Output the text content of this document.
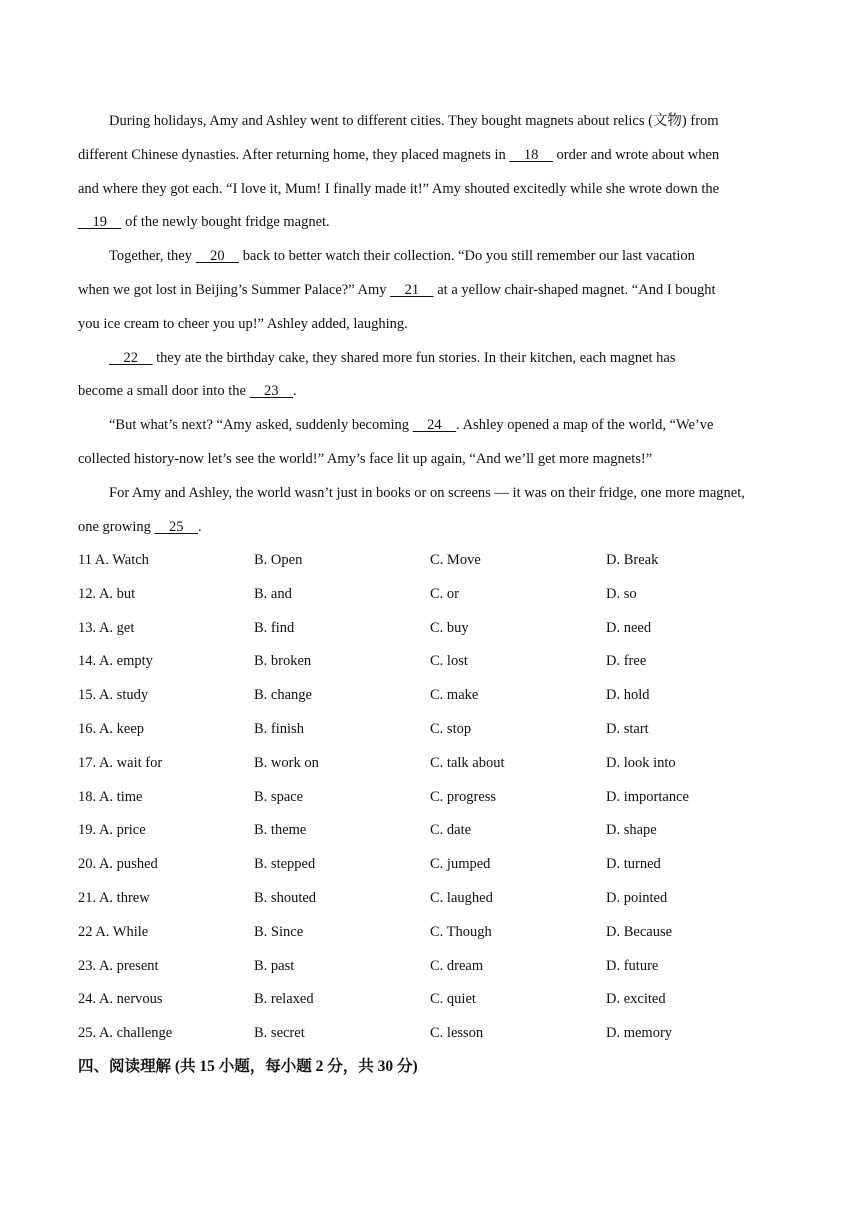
During holidays, Amy and Ashley went to different cities. They bought magnets about relics (文物) from
different Chinese dynasties. After returning home, they placed magnets in     18     order and wrote about when
and where they got each. “I love it, Mum! I finally made it!” Amy shouted excitedly while she wrote down the
19     of the newly bought fridge magnet.
Together, they     20     back to better watch their collection. “Do you still remember our last vacation
when we got lost in Beijing’s Summer Palace?” Amy     21     at a yellow chair-shaped magnet. “And I bought
you ice cream to cheer you up!” Ashley added, laughing.
22     they ate the birthday cake, they shared more fun stories. In their kitchen, each magnet has
become a small door into the     23    .
“But what’s next? “Amy asked, suddenly becoming     24    . Ashley opened a map of the world, “We’ve
collected history-now let’s see the world!” Amy’s face lit up again, “And we’ll get more magnets!”
For Amy and Ashley, the world wasn’t just in books or on screens — it was on their fridge, one more magnet,
one growing     25    .
11 A. Watch	B. Open	C. Move	D. Break
12. A. but	B. and	C. or	D. so
13. A. get	B. find	C. buy	D. need
14. A. empty	B. broken	C. lost	D. free
15. A. study	B. change	C. make	D. hold
16. A. keep	B. finish	C. stop	D. start
17. A. wait for	B. work on	C. talk about	D. look into
18. A. time	B. space	C. progress	D. importance
19. A. price	B. theme	C. date	D. shape
20. A. pushed	B. stepped	C. jumped	D. turned
21. A. threw	B. shouted	C. laughed	D. pointed
22 A. While	B. Since	C. Though	D. Because
23. A. present	B. past	C. dream	D. future
24. A. nervous	B. relaxed	C. quiet	D. excited
25. A. challenge	B. secret	C. lesson	D. memory
四、阅读理解 (共 15 小题，每小题 2 分，共 30 分)
